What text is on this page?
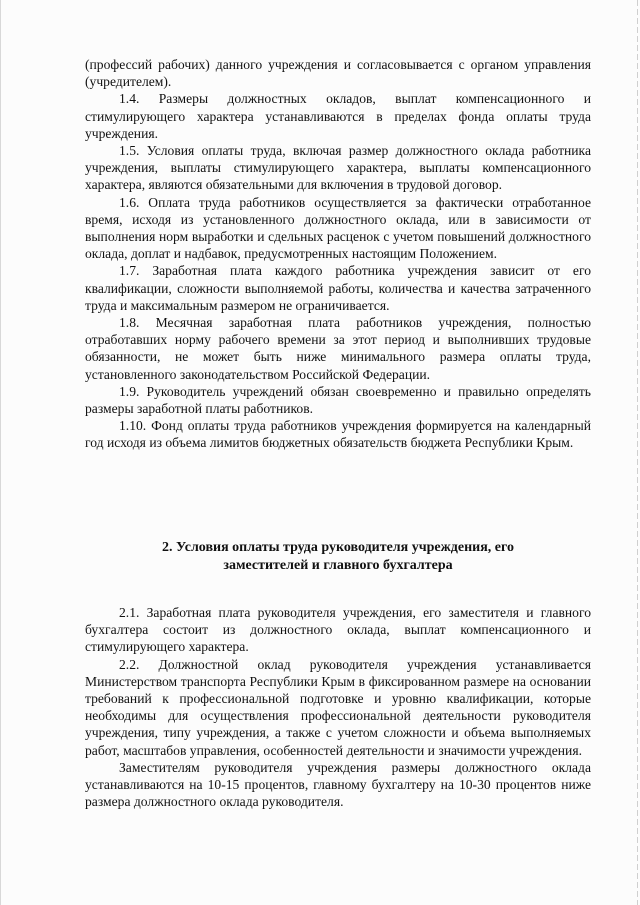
(профессий рабочих) данного учреждения и согласовывается с органом управления (учредителем).

1.4. Размеры должностных окладов, выплат компенсационного и стимулирующего характера устанавливаются в пределах фонда оплаты труда учреждения.

1.5. Условия оплаты труда, включая размер должностного оклада работника учреждения, выплаты стимулирующего характера, выплаты компенсационного характера, являются обязательными для включения в трудовой договор.

1.6. Оплата труда работников осуществляется за фактически отработанное время, исходя из установленного должностного оклада, или в зависимости от выполнения норм выработки и сдельных расценок с учетом повышений должностного оклада, доплат и надбавок, предусмотренных настоящим Положением.

1.7. Заработная плата каждого работника учреждения зависит от его квалификации, сложности выполняемой работы, количества и качества затраченного труда и максимальным размером не ограничивается.

1.8. Месячная заработная плата работников учреждения, полностью отработавших норму рабочего времени за этот период и выполнивших трудовые обязанности, не может быть ниже минимального размера оплаты труда, установленного законодательством Российской Федерации.

1.9. Руководитель учреждений обязан своевременно и правильно определять размеры заработной платы работников.

1.10. Фонд оплаты труда работников учреждения формируется на календарный год исходя из объема лимитов бюджетных обязательств бюджета Республики Крым.

2. Условия оплаты труда руководителя учреждения, его
заместителей и главного бухгалтера

2.1. Заработная плата руководителя учреждения, его заместителя и главного бухгалтера состоит из должностного оклада, выплат компенсационного и стимулирующего характера.

2.2. Должностной оклад руководителя учреждения устанавливается Министерством транспорта Республики Крым в фиксированном размере на основании требований к профессиональной подготовке и уровню квалификации, которые необходимы для осуществления профессиональной деятельности руководителя учреждения, типу учреждения, а также с учетом сложности и объема выполняемых работ, масштабов управления, особенностей деятельности и значимости учреждения.

Заместителям руководителя учреждения размеры должностного оклада устанавливаются на 10-15 процентов, главному бухгалтеру на 10-30 процентов ниже размера должностного оклада руководителя.
